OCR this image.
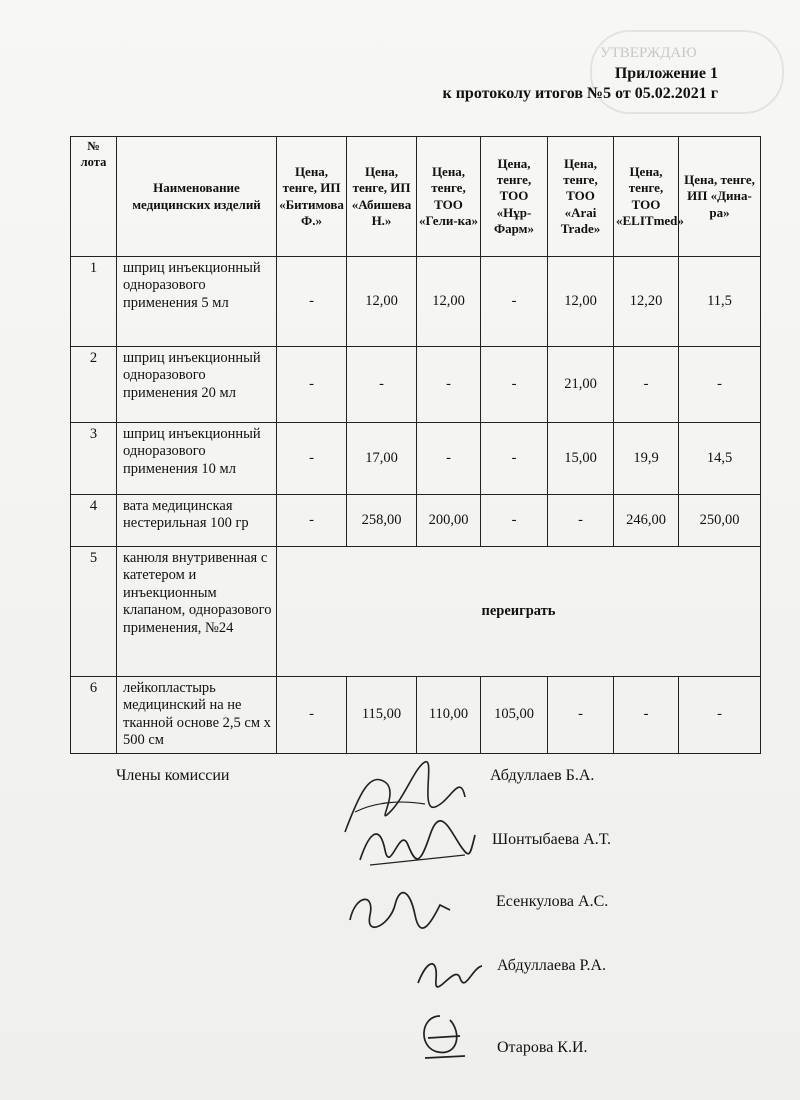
УТВЕРЖДАЮ
Приложение 1
к протоколу итогов №5 от 05.02.2021 г
№ лота	Наименование медицинских изделий	Цена, тенге, ИП «Битимова Ф.»	Цена, тенге, ИП «Абишева Н.»	Цена, тенге, ТОО «Гели-ка»	Цена, тенге, ТОО «Нұр-Фарм»	Цена, тенге, ТОО «Arai Trade»	Цена, тенге, ТОО «ELITmed»	Цена, тенге, ИП «Дина-ра»
1	шприц инъекционный одноразового применения 5 мл	-	12,00	12,00	-	12,00	12,20	11,5
2	шприц инъекционный одноразового применения 20 мл	-	-	-	-	21,00	-	-
3	шприц инъекционный одноразового применения 10 мл	-	17,00	-	-	15,00	19,9	14,5
4	вата медицинская нестерильная 100 гр	-	258,00	200,00	-	-	246,00	250,00
5	канюля внутривенная с катетером и инъекционным клапаном, одноразового применения, №24	переиграть						
6	лейкопластырь медицинский на не тканной основе 2,5 см х 500 см	-	115,00	110,00	105,00	-	-	-
Члены комиссии	Абдуллаев Б.А.
Шонтыбаева А.Т.
Есенкулова А.С.
Абдуллаева Р.А.
Отарова К.И.
